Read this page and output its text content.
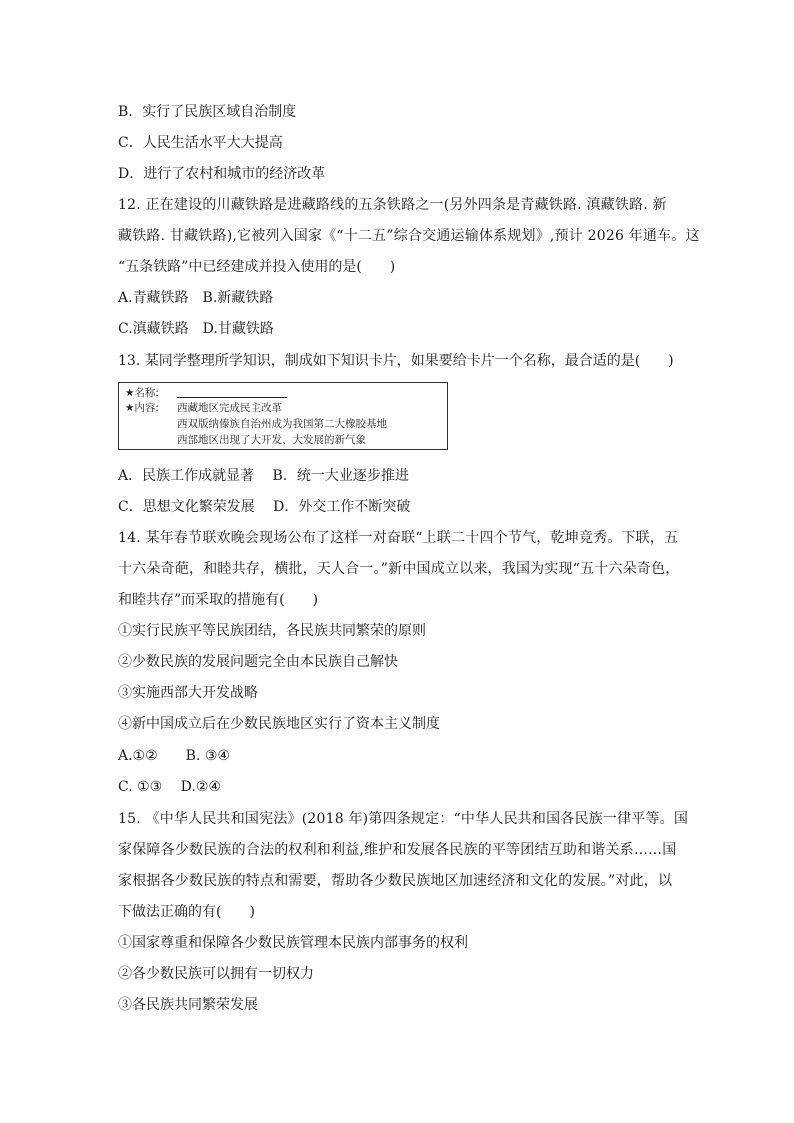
B．实行了民族区域自治制度
C．人民生活水平大大提高
D．进行了农村和城市的经济改革
12. 正在建设的川藏铁路是进藏路线的五条铁路之一(另外四条是青藏铁路. 滇藏铁路. 新
藏铁路. 甘藏铁路),它被列入国家《“十二五”综合交通运输体系规划》,预计 2026 年通车。这
“五条铁路”中已经建成并投入使用的是(　　)
A.青藏铁路　B.新藏铁路
C.滇藏铁路　D.甘藏铁路
13. 某同学整理所学知识，制成如下知识卡片，如果要给卡片一个名称，最合适的是(　　)
★名称:
★内容: 西藏地区完成民主改革
西双版纳傣族自治州成为我国第二大橡胶基地
西部地区出现了大开发、大发展的新气象
A．民族工作成就显著　 B．统一大业逐步推进
C．思想文化繁荣发展　 D．外交工作不断突破
14. 某年春节联欢晚会现场公布了这样一对奋联“上联二十四个节气，乾坤竞秀。下联，五
十六朵奇葩，和睦共存，横批，天人合一。”新中国成立以来，我国为实现“五十六朵奇色，
和睦共存”而采取的措施有(　　)
①实行民族平等民族团结，各民族共同繁荣的原则
②少数民族的发展问题完全由本民族自己解快
③实施西部大开发战略
④新中国成立后在少数民族地区实行了资本主义制度
A.①②　　B. ③④
C. ①③　 D.②④
15. 《中华人民共和国宪法》(2018 年)第四条规定：“中华人民共和国各民族一律平等。国
家保障各少数民族的合法的权利和利益,维护和发展各民族的平等团结互助和谐关系……国
家根据各少数民族的特点和需要，帮助各少数民族地区加速经济和文化的发展。”对此，以
下做法正确的有(　　)
①国家尊重和保障各少数民族管理本民族内部事务的权利
②各少数民族可以拥有一切权力
③各民族共同繁荣发展
